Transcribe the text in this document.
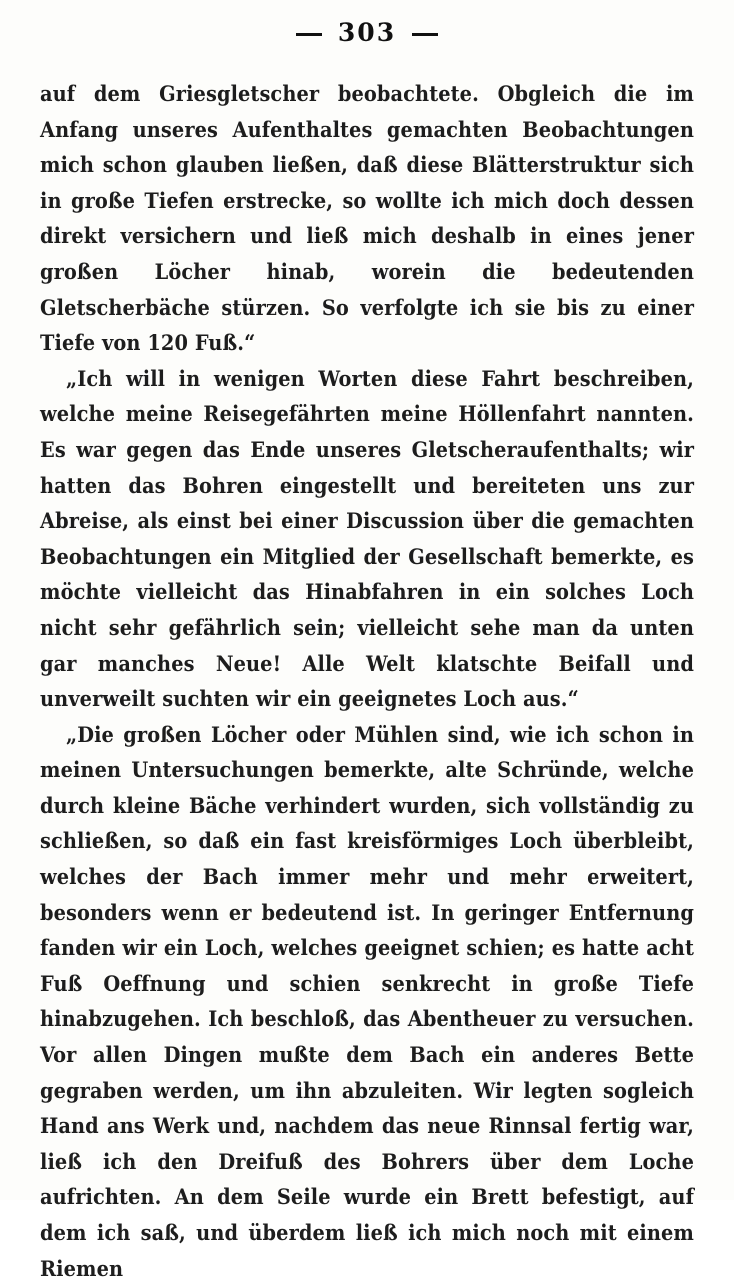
303

auf dem Griesgletscher beobachtete. Obgleich die im Anfang unseres Aufenthaltes gemachten Beobachtungen mich schon glauben ließen, daß diese Blätterstruktur sich in große Tiefen erstrecke, so wollte ich mich doch dessen direkt versichern und ließ mich deshalb in eines jener großen Löcher hinab, worein die bedeutenden Gletscherbäche stürzen. So verfolgte ich sie bis zu einer Tiefe von 120 Fuß.“

„Ich will in wenigen Worten diese Fahrt beschreiben, welche meine Reisegefährten meine Höllenfahrt nannten. Es war gegen das Ende unseres Gletscheraufenthalts; wir hatten das Bohren eingestellt und bereiteten uns zur Abreise, als einst bei einer Discussion über die gemachten Beobachtungen ein Mitglied der Gesellschaft bemerkte, es möchte vielleicht das Hinabfahren in ein solches Loch nicht sehr gefährlich sein; vielleicht sehe man da unten gar manches Neue! Alle Welt klatschte Beifall und unverweilt suchten wir ein geeignetes Loch aus.“

„Die großen Löcher oder Mühlen sind, wie ich schon in meinen Untersuchungen bemerkte, alte Schründe, welche durch kleine Bäche verhindert wurden, sich vollständig zu schließen, so daß ein fast kreisförmiges Loch überbleibt, welches der Bach immer mehr und mehr erweitert, besonders wenn er bedeutend ist. In geringer Entfernung fanden wir ein Loch, welches geeignet schien; es hatte acht Fuß Oeffnung und schien senkrecht in große Tiefe hinabzugehen. Ich beschloß, das Abentheuer zu versuchen. Vor allen Dingen mußte dem Bach ein anderes Bette gegraben werden, um ihn abzuleiten. Wir legten sogleich Hand ans Werk und, nachdem das neue Rinnsal fertig war, ließ ich den Dreifuß des Bohrers über dem Loche aufrichten. An dem Seile wurde ein Brett befestigt, auf dem ich saß, und überdem ließ ich mich noch mit einem Riemen
